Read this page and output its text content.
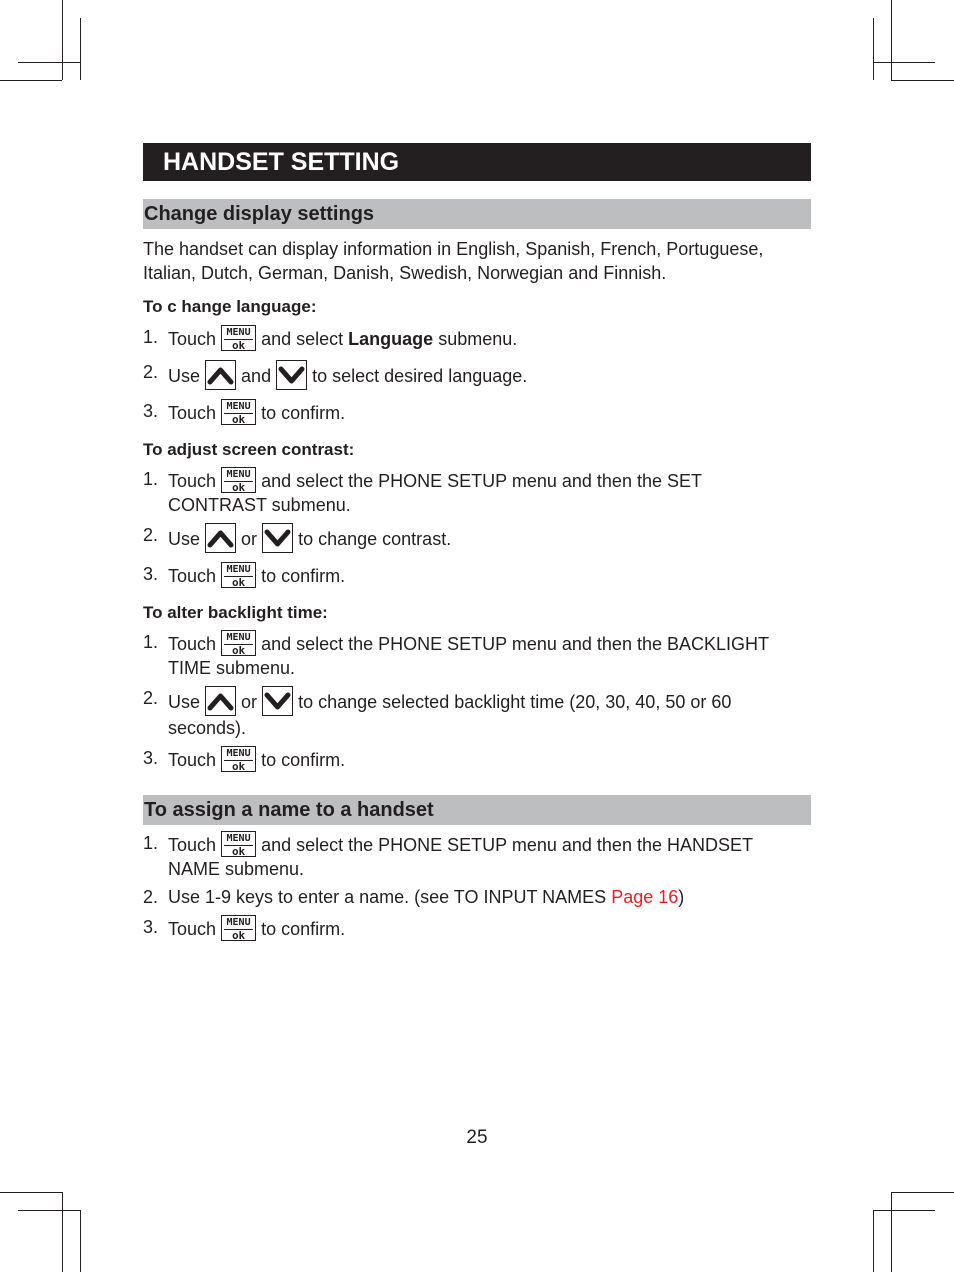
HANDSET SETTING
Change display settings

The handset can display information in English, Spanish, French, Portuguese, Italian, Dutch, German, Danish, Swedish, Norwegian and Finnish.

To c hange language:
1. Touch	MENU
ok and select Language submenu.
2. Use and to select desired language.
3. Touch	MENU
ok to confirm.
To adjust screen contrast:
1. Touch	MENU
ok and select the PHONE SETUP menu and then the SET
CONTRAST submenu.
2. Use or to change contrast.
3. Touch	MENU
ok to confirm.
To alter backlight time:
1. Touch	MENU
ok and select the PHONE SETUP menu and then the BACKLIGHT
TIME submenu.
2. Use or to change selected backlight time (20, 30, 40, 50 or 60
seconds).
3. Touch	MENU
ok to confirm.
To assign a name to a handset
1. Touch	MENU
ok and select the PHONE SETUP menu and then the HANDSET
NAME submenu.
2. Use 1-9 keys to enter a name. (see TO INPUT NAMES Page 16)
3. Touch	MENU
ok to confirm.
25
